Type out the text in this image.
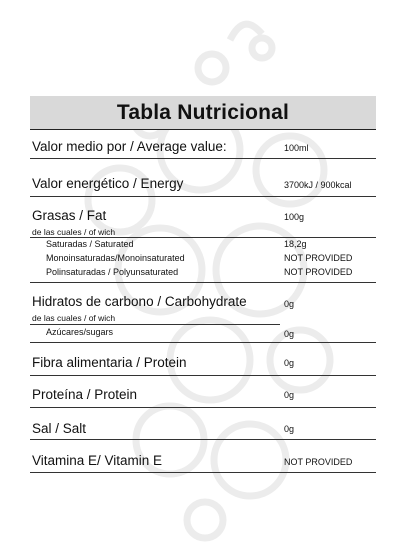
Tabla Nutricional
Valor medio por / Average value:	100ml
Valor energético / Energy	3700kJ / 900kcal
Grasas / Fat	100g
de las cuales / of wich
Saturadas / Saturated	18,2g
Monoinsaturadas/Monoinsaturated	NOT PROVIDED
Polinsaturadas / Polyunsaturated	NOT PROVIDED
Hidratos de carbono / Carbohydrate	0g
de las cuales / of wich
Azúcares/sugars	0g
Fibra alimentaria / Protein	0g
Proteína / Protein	0g
Sal / Salt	0g
Vitamina E/ Vitamin E	NOT PROVIDED
